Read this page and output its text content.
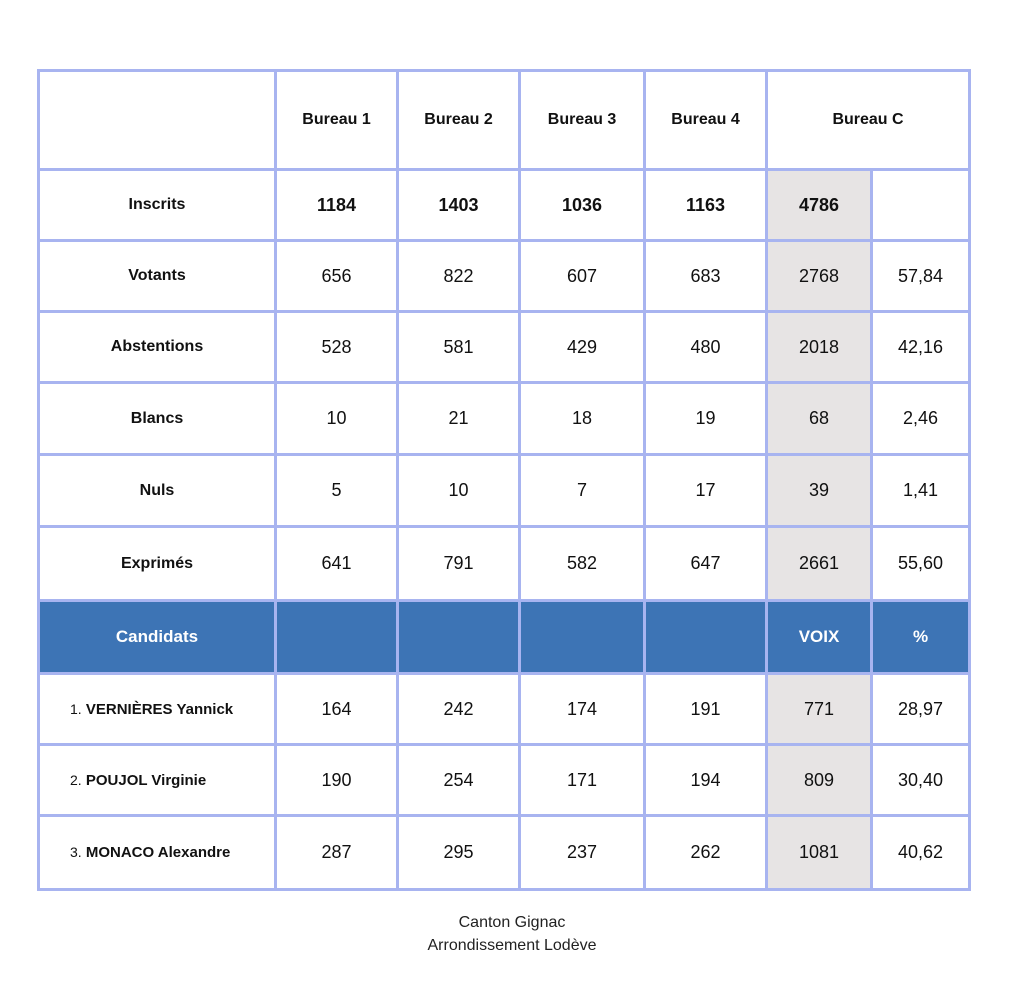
	Bureau 1	Bureau 2	Bureau 3	Bureau 4	Bureau C	
Inscrits	1184	1403	1036	1163	4786	
Votants	656	822	607	683	2768	57,84
Abstentions	528	581	429	480	2018	42,16
Blancs	10	21	18	19	68	2,46
Nuls	5	10	7	17	39	1,41
Exprimés	641	791	582	647	2661	55,60
Candidats					VOIX	%
1. VERNIÈRES Yannick	164	242	174	191	771	28,97
2. POUJOL Virginie	190	254	171	194	809	30,40
3. MONACO Alexandre	287	295	237	262	1081	40,62
Canton Gignac
Arrondissement Lodève
